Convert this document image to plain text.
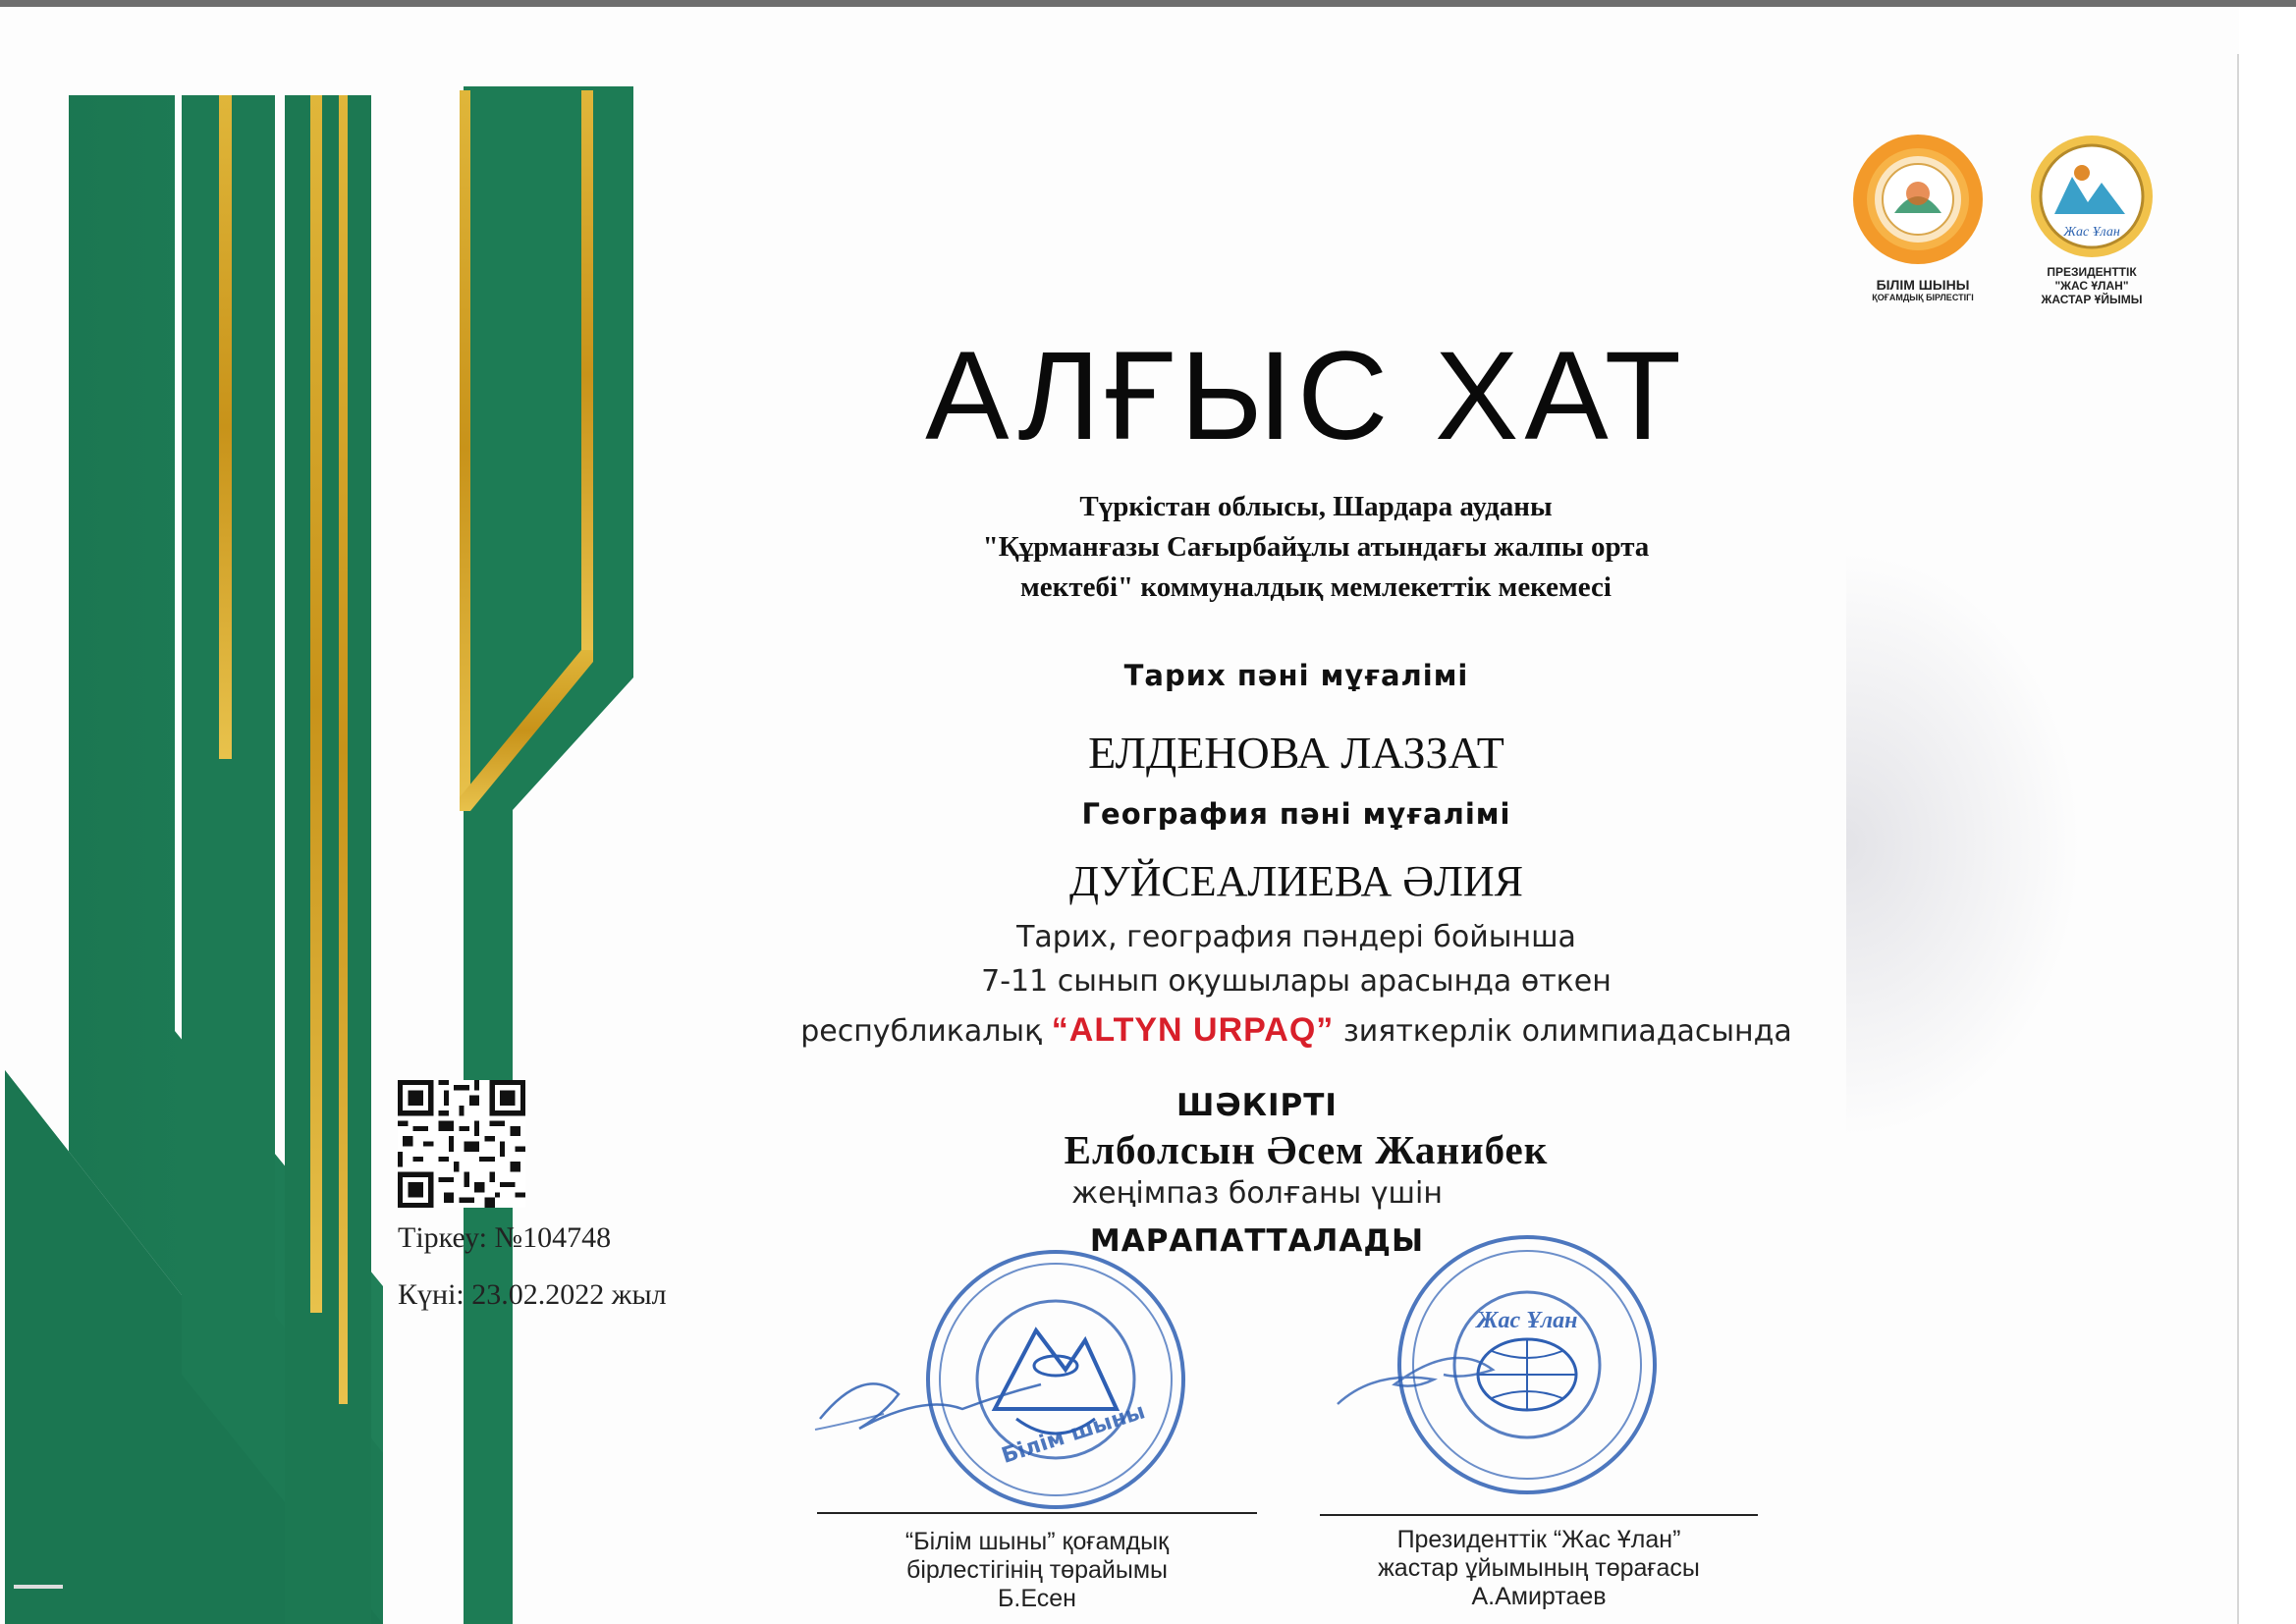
БІЛІМ ШЫНЫ
ҚОҒАМДЫҚ БІРЛЕСТІГІ
Жас Ұлан
ПРЕЗИДЕНТТІК
"ЖАС ҰЛАН"
ЖАСТАР ҰЙЫМЫ
АЛҒЫС ХАТ
Түркістан облысы, Шардара ауданы
"Құрманғазы Сағырбайұлы атындағы жалпы орта
мектебі" коммуналдық мемлекеттік мекемесі
Тарих пәні мұғалімі
ЕЛДЕНОВА ЛАЗЗАТ
География пәні мұғалімі
ДУЙСЕАЛИЕВА ӘЛИЯ
Тарих, география пәндері бойынша
7-11 сынып оқушылары арасында өткен
республикалық “ALTYN URPAQ” зияткерлік олимпиадасында
ШӘКІРТІ
Елболсын Әсем Жанибек
жеңімпаз болғаны үшін
МАРАПАТТАЛАДЫ
Тіркеу: №104748
Күні: 23.02.2022 жыл
Білім шыны
Жас Ұлан
“Білім шыны” қоғамдық
бірлестігінің төрайымы
Б.Есен
Президенттік “Жас Ұлан”
жастар ұйымының төрағасы
А.Амиртаев
